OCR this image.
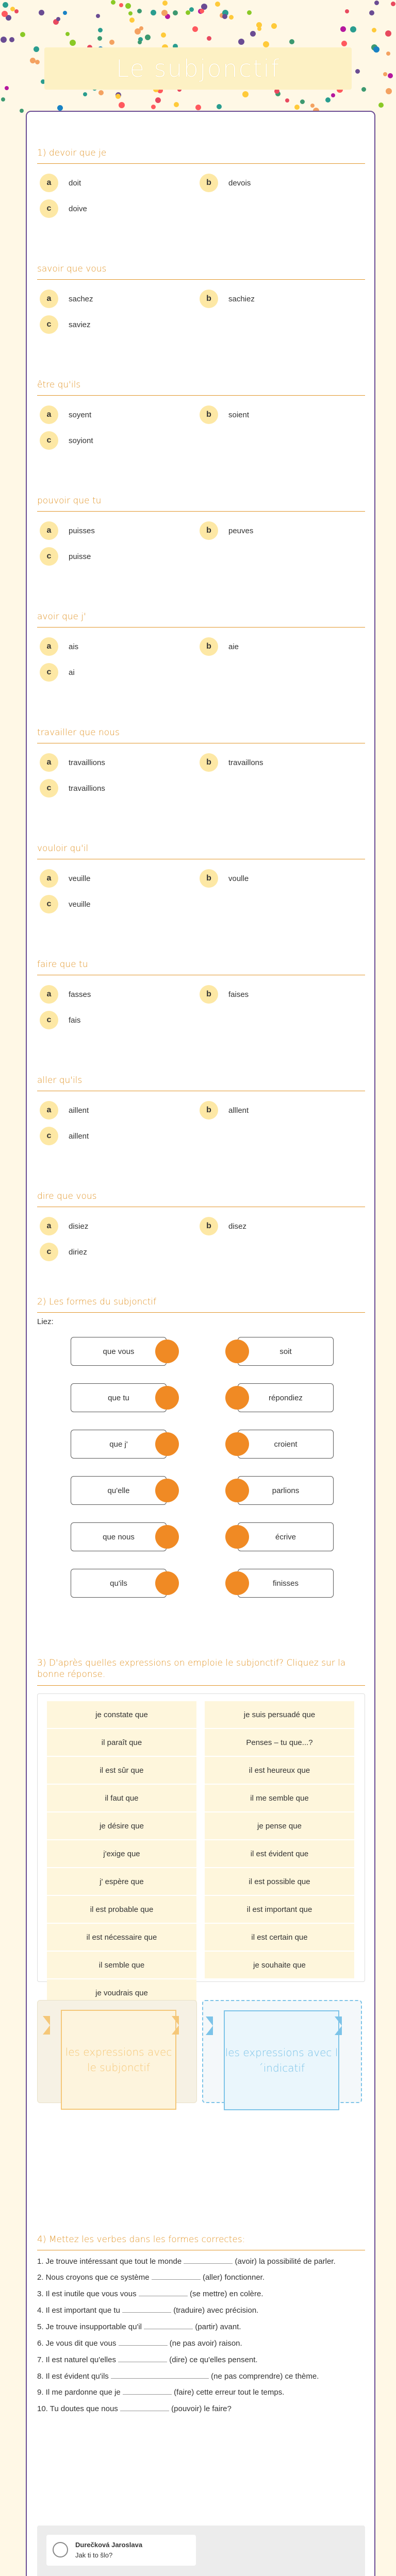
Le subjonctif
1) devoir que je
a	doit	b	devois
c	doive
savoir que vous
a	sachez	b	sachiez
c	saviez
être qu'ils
a	soyent	b	soient
c	soyiont
pouvoir que tu
a	puisses	b	peuves
c	puisse
avoir que j'
a	ais	b	aie
c	ai
travailler que nous
a	travaillions	b	travaillons
c	travaillions
vouloir qu'il
a	veuille	b	voulle
c	veuille
faire que tu
a	fasses	b	faises
c	fais
aller qu'ils
a	aillent	b	alllent
c	aillent
dire que vous
a	disiez	b	disez
c	diriez
2) Les formes du subjonctif
Liez:
que vous	soit
que tu	répondiez
que j'	croient
qu'elle	parlions
que nous	écrive
qu'ils	finisses
3) D'après quelles expressions on emploie le subjonctif? Cliquez sur la bonne réponse.
je constate que	je suis persuadé que
il paraît que	Penses – tu que...?
il est sûr que	il est heureux que
il faut que	il me semble que
je désire que	je pense que
j'exige que	il est évident que
j' espère que	il est possible que
il est probable que	il est important que
il est nécessaire que	il est certain que
il semble que	je souhaite que
je voudrais que
les expressions avec le subjonctif
les expressions avec l´indicatif
4) Mettez les verbes dans les formes correctes:
1. Je trouve intéressant que tout le monde	(avoir) la possibilité de parler.
2. Nous croyons que ce système	(aller) fonctionner.
3. Il est inutile que vous vous	(se mettre) en colère.
4. Il est important que tu	(traduire) avec précision.
5. Je trouve insupportable qu'il	(partir) avant.
6. Je vous dit que vous	(ne pas avoir) raison.
7. Il est naturel qu'elles	(dire) ce qu'elles pensent.
8. Il est évident qu'ils	(ne pas comprendre) ce thème.
9. Il me pardonne que je	(faire) cette erreur tout le temps.
10. Tu doutes que nous	(pouvoir) le faire?
Durečková Jaroslava
Jak ti to šlo?
